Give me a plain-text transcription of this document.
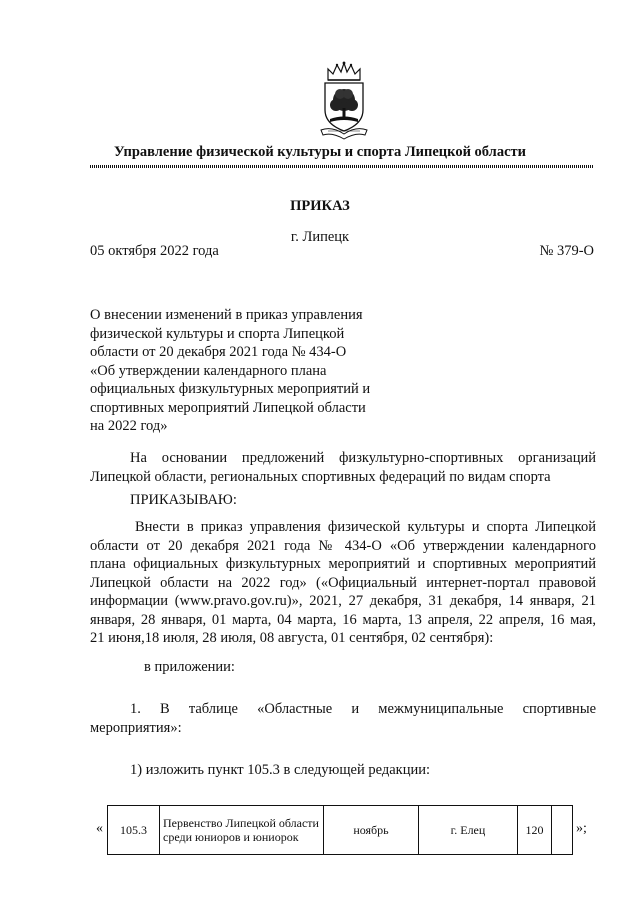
Управление физической культуры и спорта Липецкой области
ПРИКАЗ
г. Липецк
05 октября 2022 года	№ 379-О
О внесении изменений в приказ управления
физической культуры и спорта Липецкой
области от 20 декабря 2021 года № 434-О
«Об утверждении календарного плана
официальных физкультурных мероприятий и
спортивных мероприятий Липецкой области
на 2022 год»
На основании предложений физкультурно-спортивных организаций
Липецкой области, региональных спортивных федераций по видам спорта
ПРИКАЗЫВАЮ:
Внести в приказ управления физической культуры и спорта Липецкой
области от 20 декабря 2021 года № 434-О «Об утверждении календарного
плана официальных физкультурных мероприятий и спортивных мероприятий
Липецкой области на 2022 год» («Официальный интернет-портал правовой
информации (www.pravo.gov.ru)», 2021, 27 декабря, 31 декабря, 14 января, 21
января, 28 января, 01 марта, 04 марта, 16 марта, 13 апреля, 22 апреля, 16 мая,
21 июня,18 июля, 28 июля, 08 августа, 01 сентября, 02 сентября):
в приложении:
1. В таблице «Областные и межмуниципальные спортивные
мероприятия»:
1) изложить пункт 105.3 в следующей редакции:
« 105.3	Первенство Липецкой области среди юниоров и юниорок	ноябрь	г. Елец	120	»;
